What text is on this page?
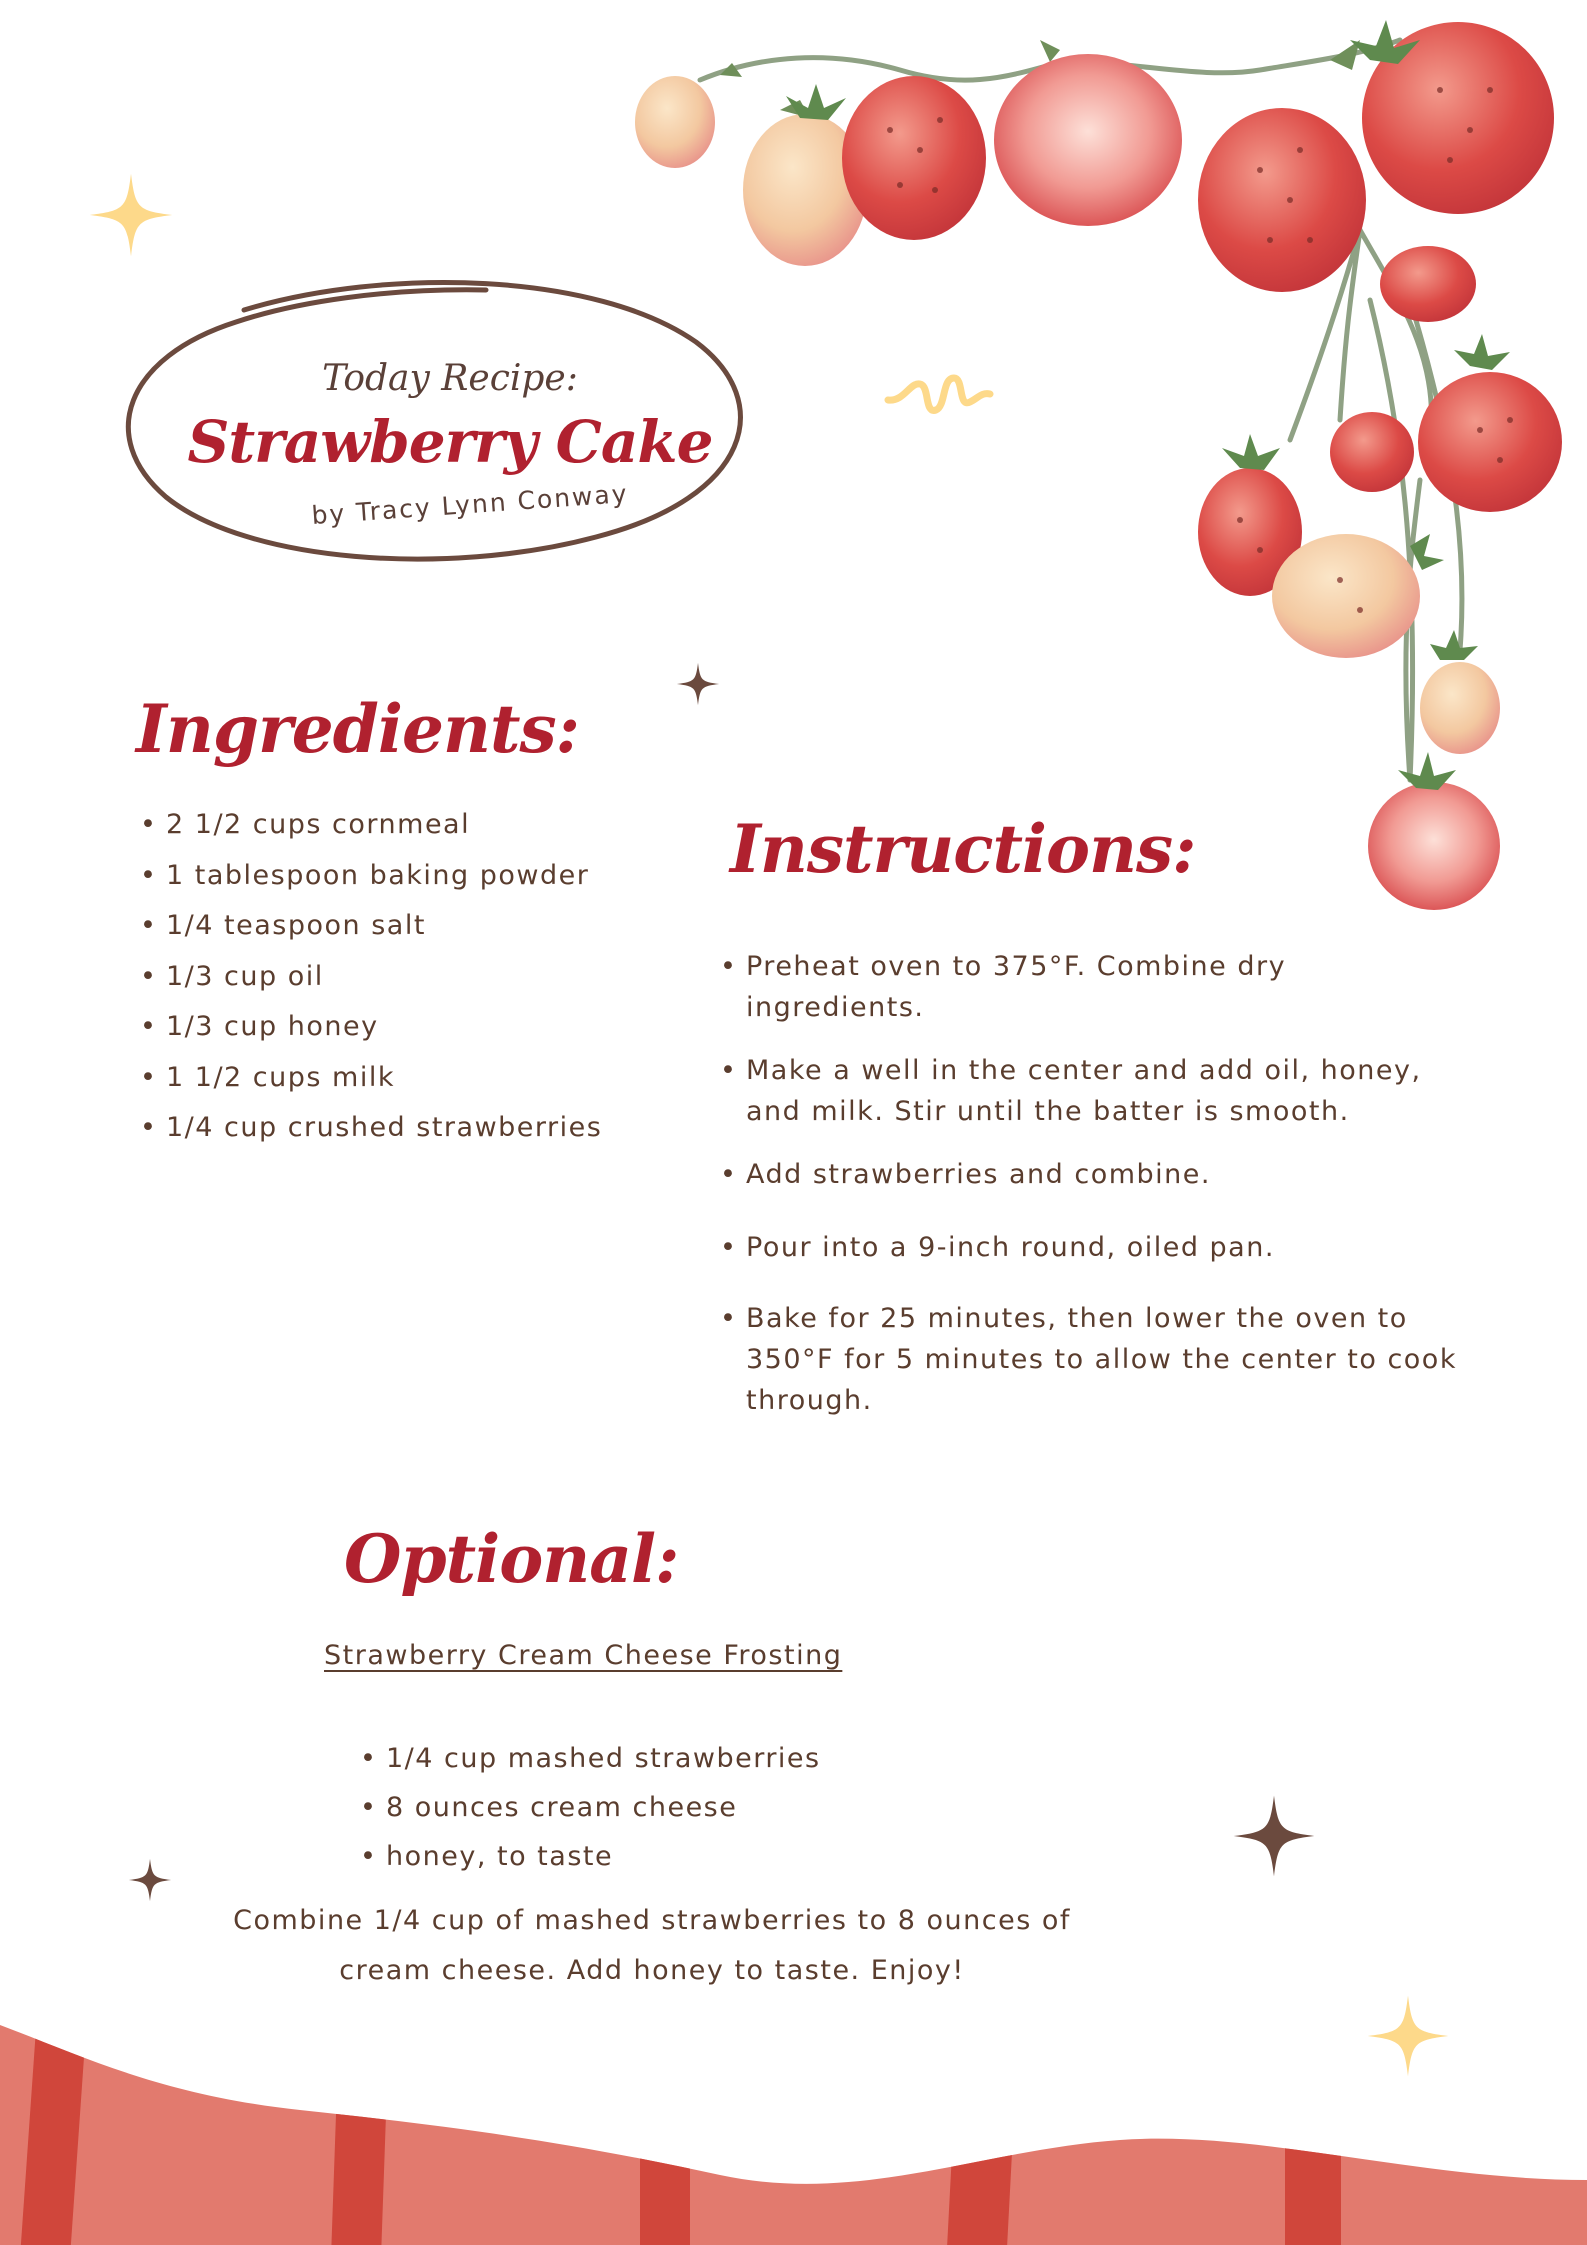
Today Recipe:
Strawberry Cake
by Tracy Lynn Conway
Ingredients:
• 2 1/2 cups cornmeal
• 1 tablespoon baking powder
• 1/4 teaspoon salt
• 1/3 cup oil
• 1/3 cup honey
• 1 1/2 cups milk
• 1/4 cup crushed strawberries
Instructions:
• Preheat oven to 375°F. Combine dry ingredients.
• Make a well in the center and add oil, honey, and milk. Stir until the batter is smooth.
• Add strawberries and combine.
• Pour into a 9-inch round, oiled pan.
• Bake for 25 minutes, then lower the oven to 350°F for 5 minutes to allow the center to cook through.
Optional:
Strawberry Cream Cheese Frosting
• 1/4 cup mashed strawberries
• 8 ounces cream cheese
• honey, to taste
Combine 1/4 cup of mashed strawberries to 8 ounces of cream cheese. Add honey to taste. Enjoy!
